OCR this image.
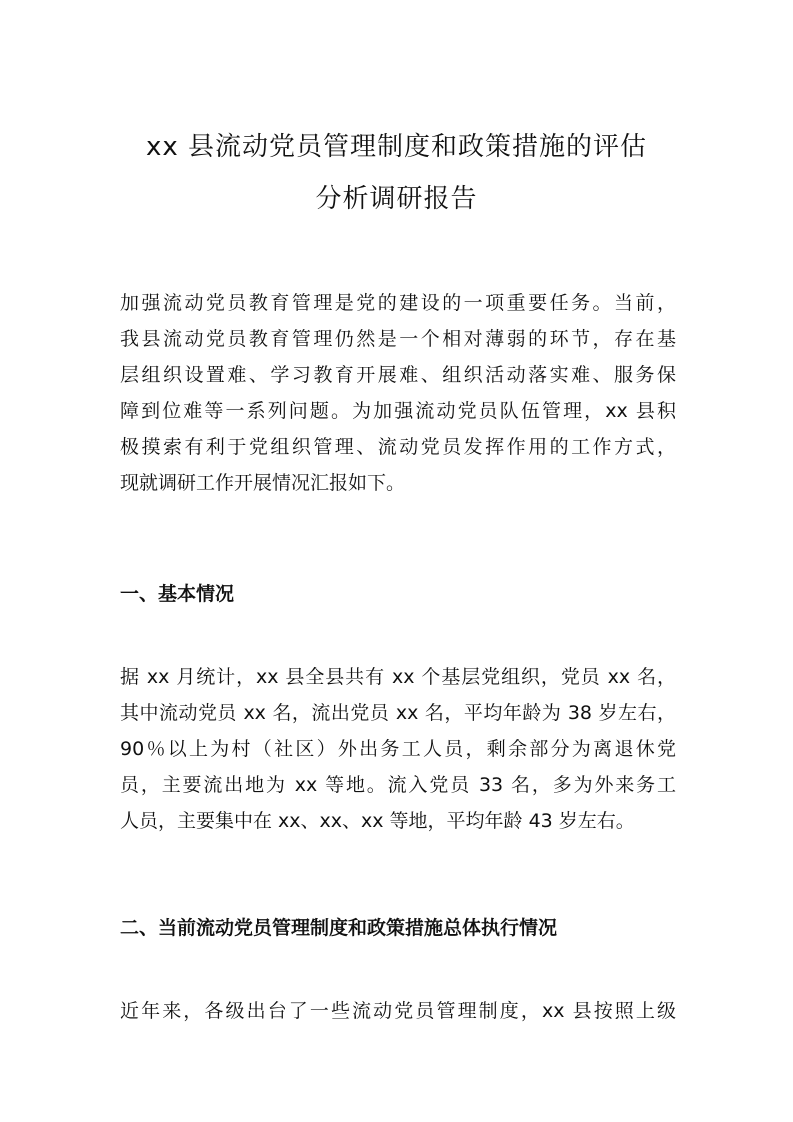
xx 县流动党员管理制度和政策措施的评估
分析调研报告
加强流动党员教育管理是党的建设的一项重要任务。当前，
我县流动党员教育管理仍然是一个相对薄弱的环节，存在基
层组织设置难、学习教育开展难、组织活动落实难、服务保
障到位难等一系列问题。为加强流动党员队伍管理，xx 县积
极摸索有利于党组织管理、流动党员发挥作用的工作方式，
现就调研工作开展情况汇报如下。
一、基本情况
据 xx 月统计，xx 县全县共有 xx 个基层党组织，党员 xx 名，
其中流动党员 xx 名，流出党员 xx 名，平均年龄为 38 岁左右，
90％以上为村（社区）外出务工人员，剩余部分为离退休党
员，主要流出地为 xx 等地。流入党员 33 名，多为外来务工
人员，主要集中在 xx、xx、xx 等地，平均年龄 43 岁左右。
二、当前流动党员管理制度和政策措施总体执行情况
近年来，各级出台了一些流动党员管理制度，xx 县按照上级
